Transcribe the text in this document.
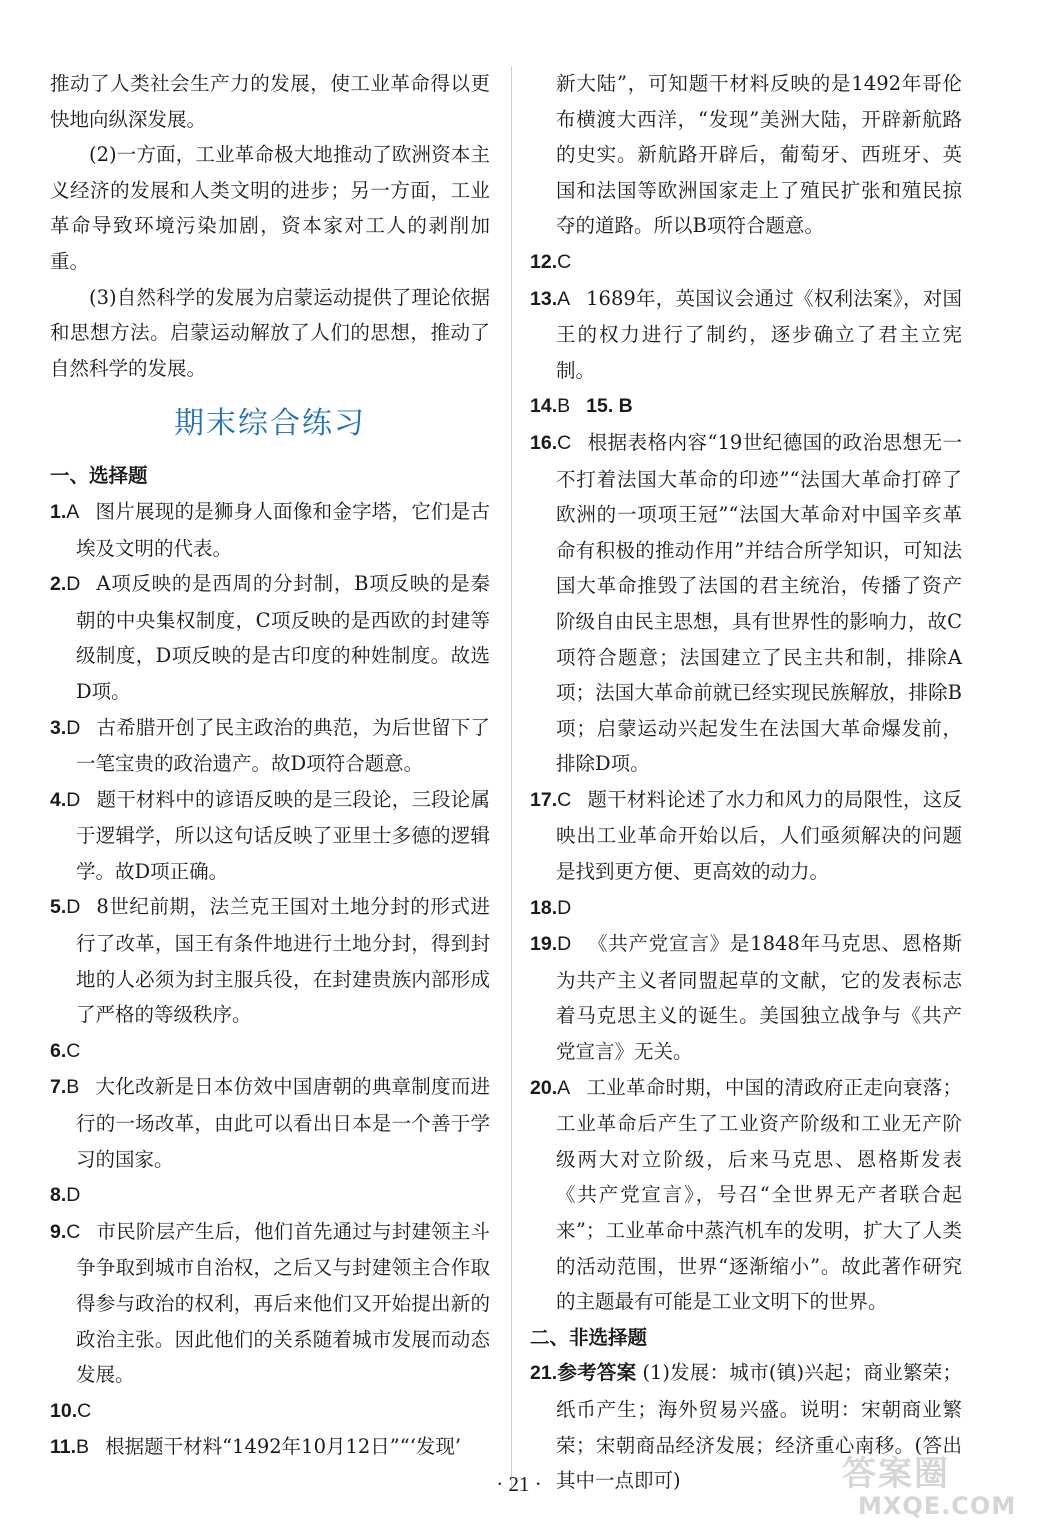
推动了人类社会生产力的发展，使工业革命得以更快地向纵深发展。

(2)一方面，工业革命极大地推动了欧洲资本主义经济的发展和人类文明的进步；另一方面，工业革命导致环境污染加剧，资本家对工人的剥削加重。

(3)自然科学的发展为启蒙运动提供了理论依据和思想方法。启蒙运动解放了人们的思想，推动了自然科学的发展。

期末综合练习

一、选择题

1.A 图片展现的是狮身人面像和金字塔，它们是古埃及文明的代表。

2.D A项反映的是西周的分封制，B项反映的是秦朝的中央集权制度，C项反映的是西欧的封建等级制度，D项反映的是古印度的种姓制度。故选D项。

3.D 古希腊开创了民主政治的典范，为后世留下了一笔宝贵的政治遗产。故D项符合题意。

4.D 题干材料中的谚语反映的是三段论，三段论属于逻辑学，所以这句话反映了亚里士多德的逻辑学。故D项正确。

5.D 8世纪前期，法兰克王国对土地分封的形式进行了改革，国王有条件地进行土地分封，得到封地的人必须为封主服兵役，在封建贵族内部形成了严格的等级秩序。

6.C

7.B 大化改新是日本仿效中国唐朝的典章制度而进行的一场改革，由此可以看出日本是一个善于学习的国家。

8.D

9.C 市民阶层产生后，他们首先通过与封建领主斗争争取到城市自治权，之后又与封建领主合作取得参与政治的权利，再后来他们又开始提出新的政治主张。因此他们的关系随着城市发展而动态发展。

10.C

11.B 根据题干材料“1492年10月12日”“‘发现’

新大陆”，可知题干材料反映的是1492年哥伦布横渡大西洋，“发现”美洲大陆，开辟新航路的史实。新航路开辟后，葡萄牙、西班牙、英国和法国等欧洲国家走上了殖民扩张和殖民掠夺的道路。所以B项符合题意。

12.C

13.A 1689年，英国议会通过《权利法案》，对国王的权力进行了制约，逐步确立了君主立宪制。

14.B 15. B

16.C 根据表格内容“19世纪德国的政治思想无一不打着法国大革命的印迹”“法国大革命打碎了欧洲的一项项王冠”“法国大革命对中国辛亥革命有积极的推动作用”并结合所学知识，可知法国大革命推毁了法国的君主统治，传播了资产阶级自由民主思想，具有世界性的影响力，故C项符合题意；法国建立了民主共和制，排除A项；法国大革命前就已经实现民族解放，排除B项；启蒙运动兴起发生在法国大革命爆发前，排除D项。

17.C 题干材料论述了水力和风力的局限性，这反映出工业革命开始以后，人们亟须解决的问题是找到更方便、更高效的动力。

18.D

19.D 《共产党宣言》是1848年马克思、恩格斯为共产主义者同盟起草的文献，它的发表标志着马克思主义的诞生。美国独立战争与《共产党宣言》无关。

20.A 工业革命时期，中国的清政府正走向衰落；工业革命后产生了工业资产阶级和工业无产阶级两大对立阶级，后来马克思、恩格斯发表《共产党宣言》，号召“全世界无产者联合起来”；工业革命中蒸汽机车的发明，扩大了人类的活动范围，世界“逐渐缩小”。故此著作研究的主题最有可能是工业文明下的世界。

二、非选择题

21.参考答案 (1)发展：城市(镇)兴起；商业繁荣；纸币产生；海外贸易兴盛。说明：宋朝商业繁荣；宋朝商品经济发展；经济重心南移。(答出其中一点即可)

· 21 ·	答案圈
MXQE.COM
